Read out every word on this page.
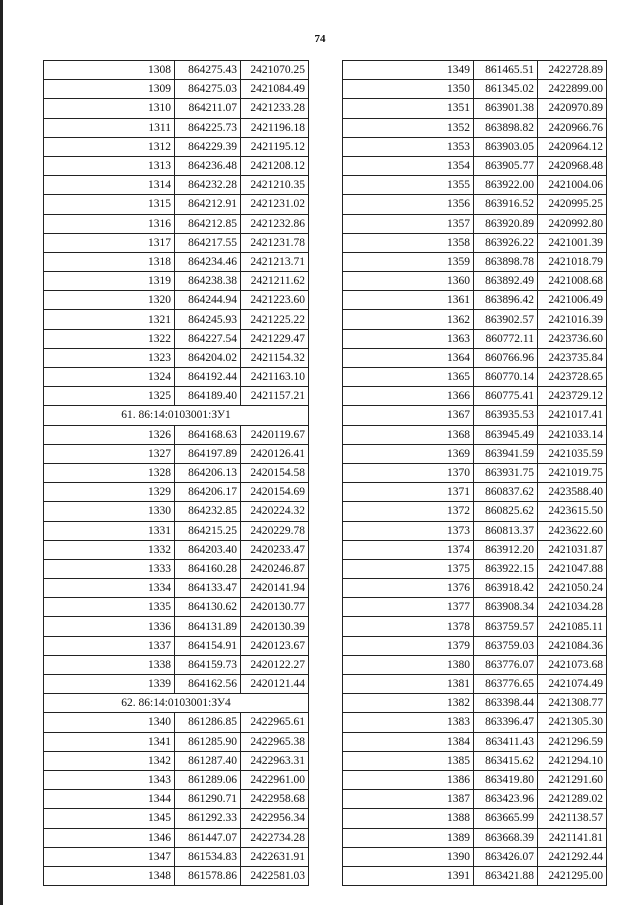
74
1308	864275.43	2421070.25
1309	864275.03	2421084.49
1310	864211.07	2421233.28
1311	864225.73	2421196.18
1312	864229.39	2421195.12
1313	864236.48	2421208.12
1314	864232.28	2421210.35
1315	864212.91	2421231.02
1316	864212.85	2421232.86
1317	864217.55	2421231.78
1318	864234.46	2421213.71
1319	864238.38	2421211.62
1320	864244.94	2421223.60
1321	864245.93	2421225.22
1322	864227.54	2421229.47
1323	864204.02	2421154.32
1324	864192.44	2421163.10
1325	864189.40	2421157.21
61. 86:14:0103001:ЗУ1		
1326	864168.63	2420119.67
1327	864197.89	2420126.41
1328	864206.13	2420154.58
1329	864206.17	2420154.69
1330	864232.85	2420224.32
1331	864215.25	2420229.78
1332	864203.40	2420233.47
1333	864160.28	2420246.87
1334	864133.47	2420141.94
1335	864130.62	2420130.77
1336	864131.89	2420130.39
1337	864154.91	2420123.67
1338	864159.73	2420122.27
1339	864162.56	2420121.44
62. 86:14:0103001:ЗУ4		
1340	861286.85	2422965.61
1341	861285.90	2422965.38
1342	861287.40	2422963.31
1343	861289.06	2422961.00
1344	861290.71	2422958.68
1345	861292.33	2422956.34
1346	861447.07	2422734.28
1347	861534.83	2422631.91
1348	861578.86	2422581.03
1349	861465.51	2422728.89
1350	861345.02	2422899.00
1351	863901.38	2420970.89
1352	863898.82	2420966.76
1353	863903.05	2420964.12
1354	863905.77	2420968.48
1355	863922.00	2421004.06
1356	863916.52	2420995.25
1357	863920.89	2420992.80
1358	863926.22	2421001.39
1359	863898.78	2421018.79
1360	863892.49	2421008.68
1361	863896.42	2421006.49
1362	863902.57	2421016.39
1363	860772.11	2423736.60
1364	860766.96	2423735.84
1365	860770.14	2423728.65
1366	860775.41	2423729.12
1367	863935.53	2421017.41
1368	863945.49	2421033.14
1369	863941.59	2421035.59
1370	863931.75	2421019.75
1371	860837.62	2423588.40
1372	860825.62	2423615.50
1373	860813.37	2423622.60
1374	863912.20	2421031.87
1375	863922.15	2421047.88
1376	863918.42	2421050.24
1377	863908.34	2421034.28
1378	863759.57	2421085.11
1379	863759.03	2421084.36
1380	863776.07	2421073.68
1381	863776.65	2421074.49
1382	863398.44	2421308.77
1383	863396.47	2421305.30
1384	863411.43	2421296.59
1385	863415.62	2421294.10
1386	863419.80	2421291.60
1387	863423.96	2421289.02
1388	863665.99	2421138.57
1389	863668.39	2421141.81
1390	863426.07	2421292.44
1391	863421.88	2421295.00
